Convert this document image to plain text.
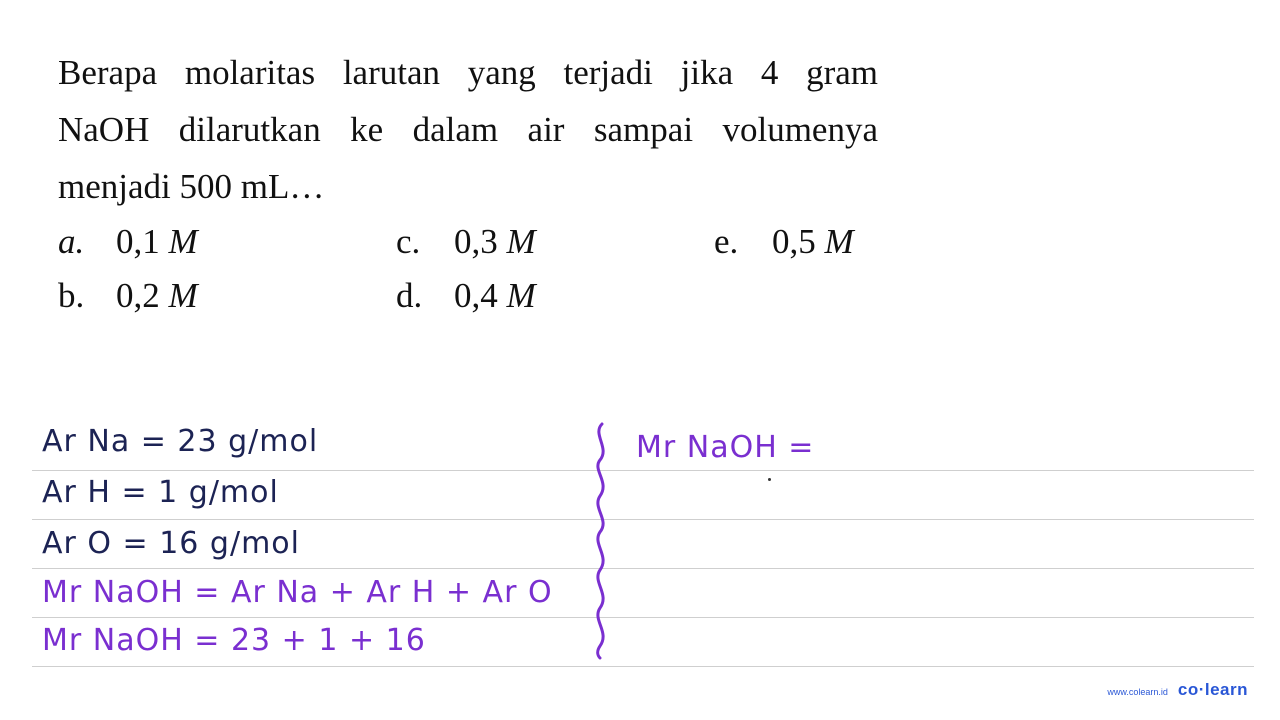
Berapa molaritas larutan yang terjadi jika 4 gram
NaOH dilarutkan ke dalam air sampai volumenya
menjadi 500 mL…
a. 0,1 M
b. 0,2 M
c. 0,3 M
d. 0,4 M
e. 0,5 M
Ar Na = 23 g/mol
Ar H = 1 g/mol
Ar O = 16 g/mol
Mr NaOH = Ar Na + Ar H + Ar O
Mr NaOH = 23 + 1 + 16
Mr NaOH =
www.colearn.id co·learn
